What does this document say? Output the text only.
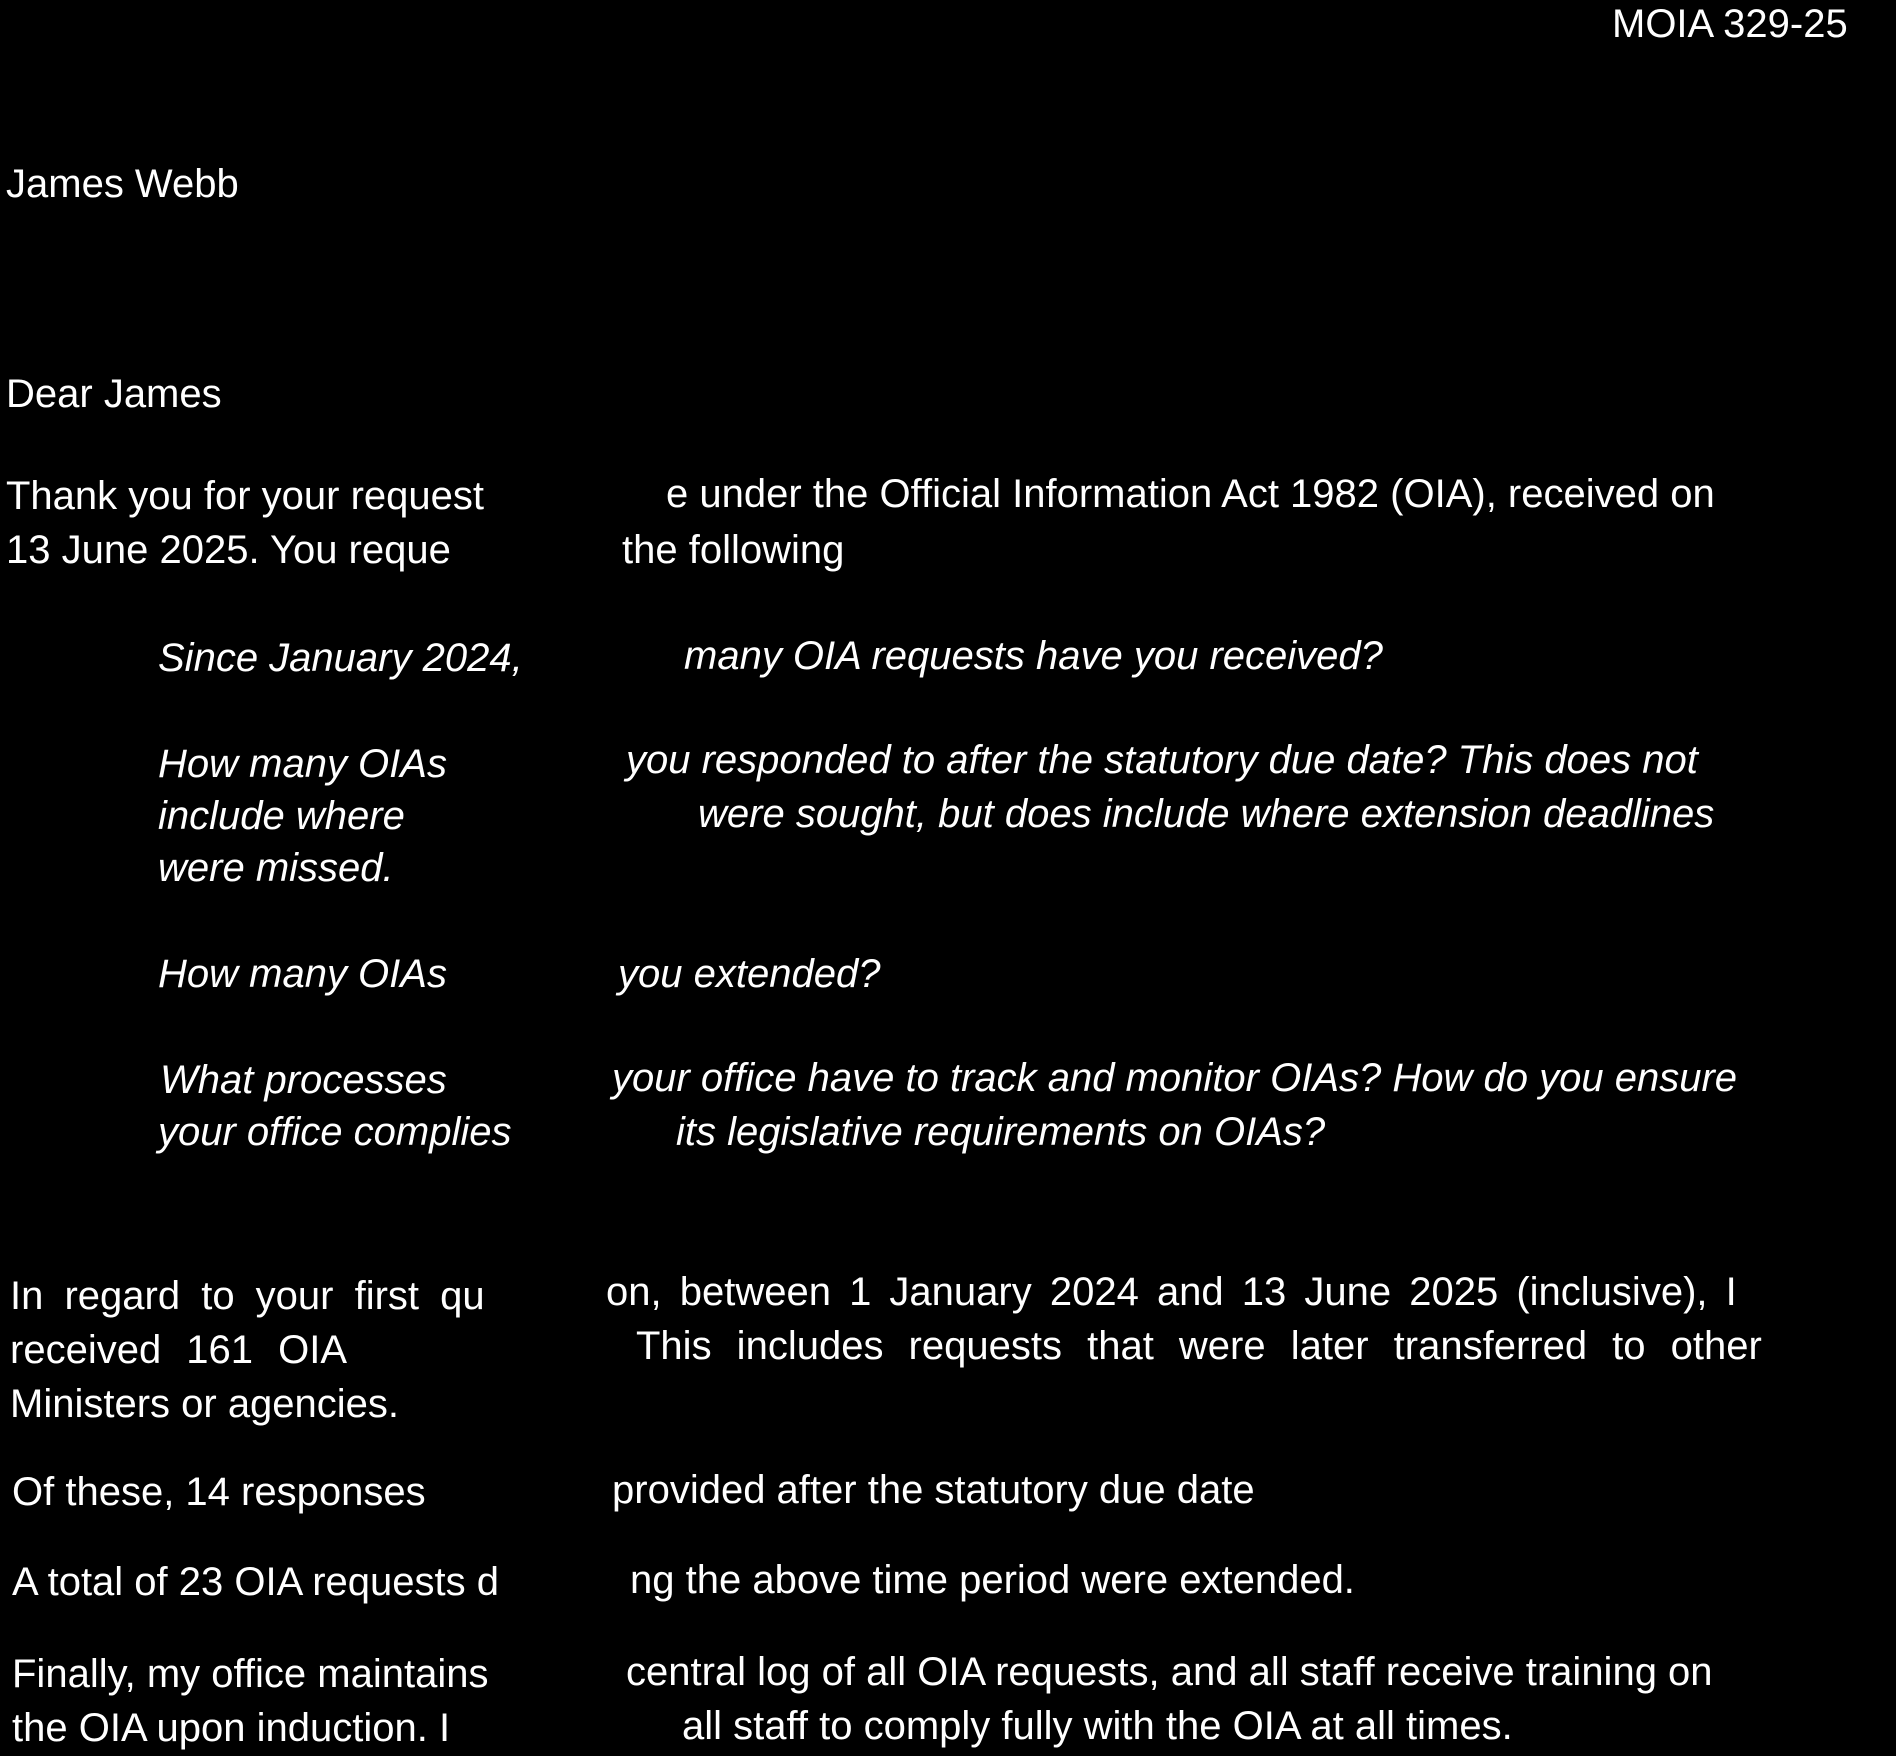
MOIA 329-25
James Webb
Dear James
Thank you for your request	e under the Official Information Act 1982 (OIA), received on
13 June 2025. You reque	the following
Since January 2024,	many OIA requests have you received?
How many OIAs	you responded to after the statutory due date? This does not
include where	were sought, but does include where extension deadlines
were missed.
How many OIAs	you extended?
What processes	your office have to track and monitor OIAs? How do you ensure
your office complies	its legislative requirements on OIAs?
In regard to your first qu	on, between 1 January 2024 and 13 June 2025 (inclusive), I
received 161 OIA	This includes requests that were later transferred to other
Ministers or agencies.
Of these, 14 responses	provided after the statutory due date
A total of 23 OIA requests d	ng the above time period were extended.
Finally, my office maintains	central log of all OIA requests, and all staff receive training on
the OIA upon induction. I	all staff to comply fully with the OIA at all times.
